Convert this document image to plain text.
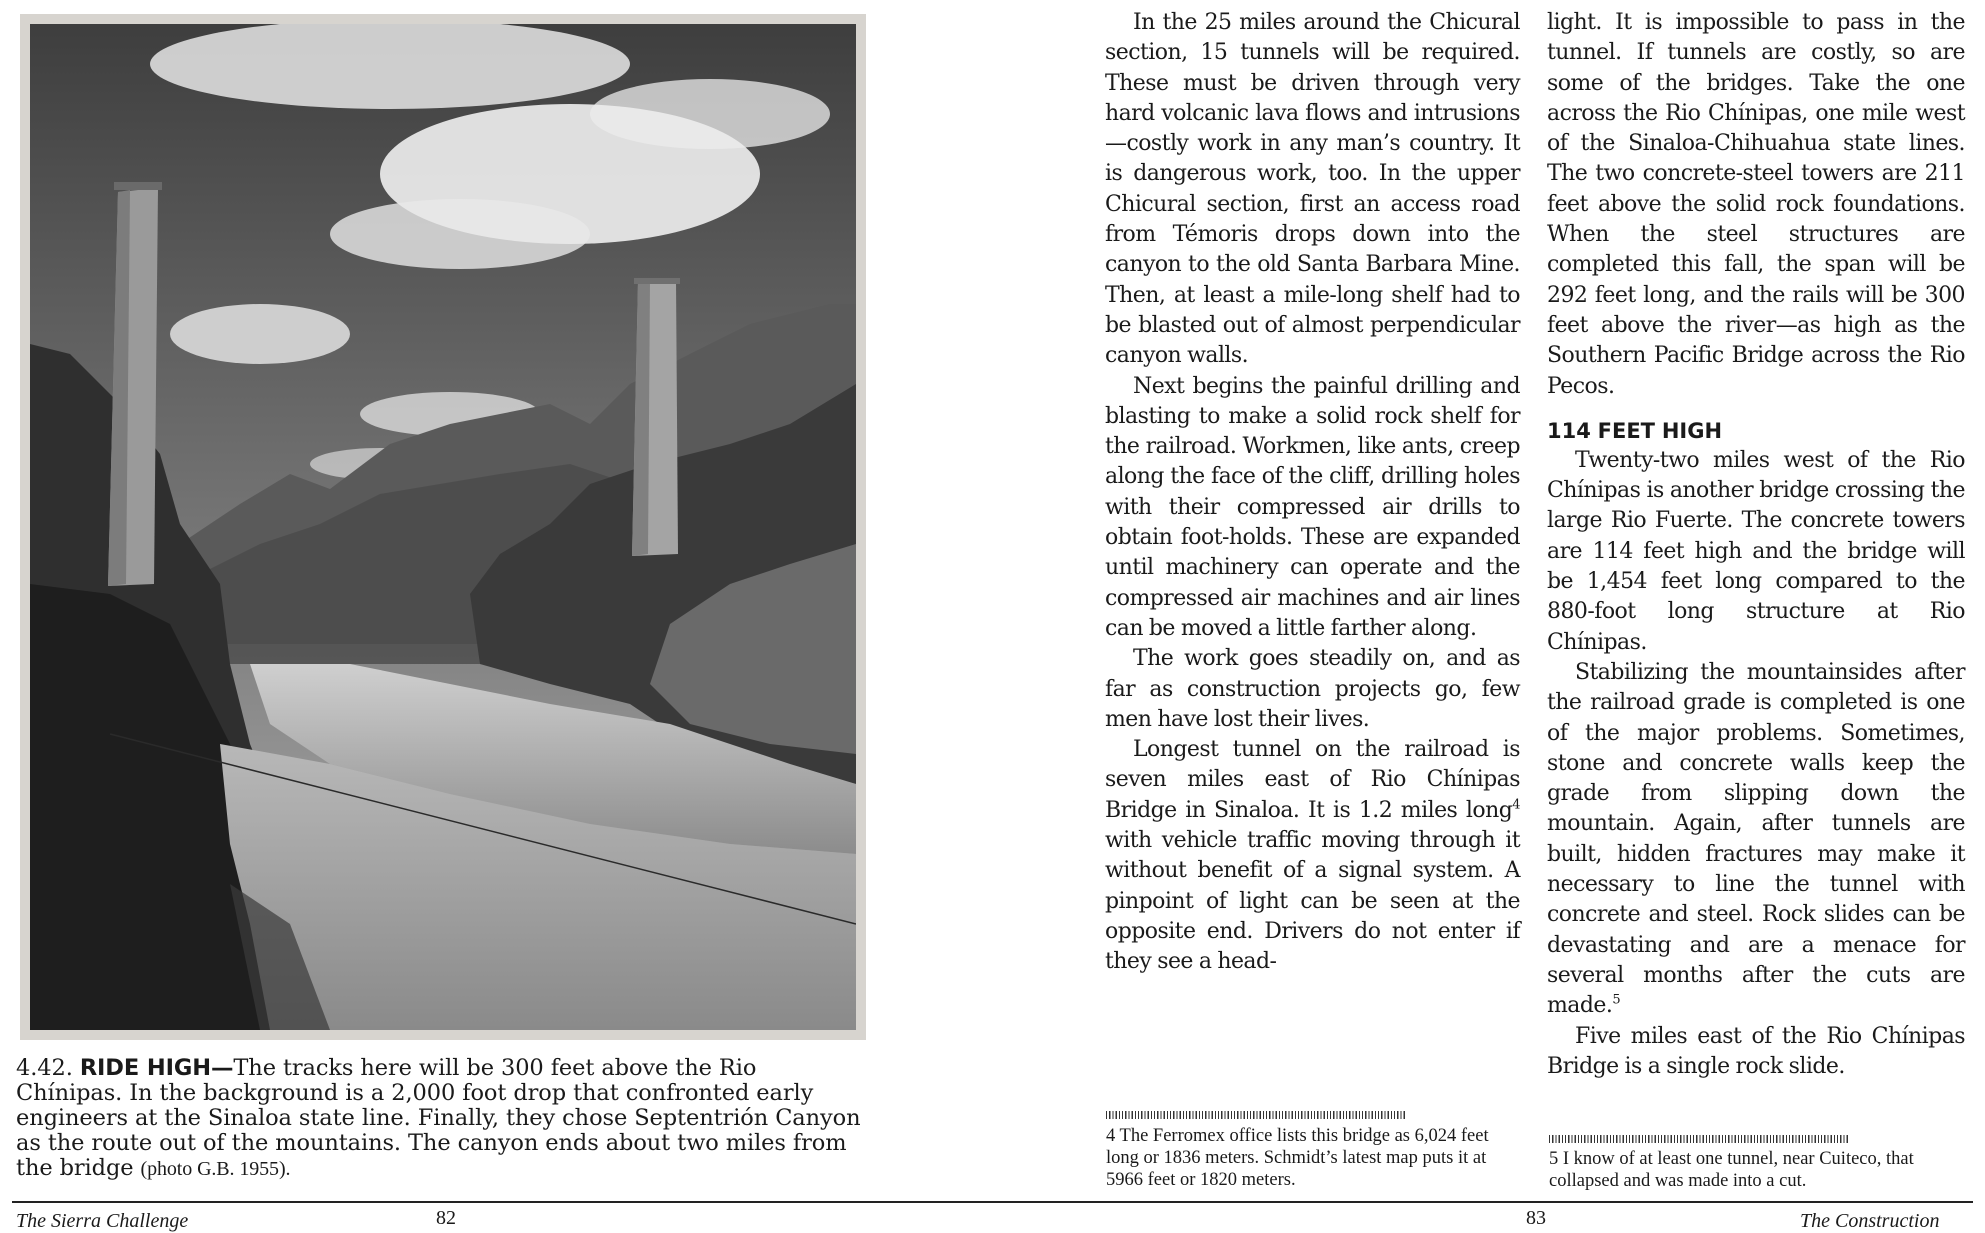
4.42. RIDE HIGH—The tracks here will be 300 feet above the Rio Chínipas. In the background is a 2,000 foot drop that confronted early engineers at the Sinaloa state line. Finally, they chose Septentrión Canyon as the route out of the mountains. The canyon ends about two miles from the bridge (photo G.B. 1955).
The Sierra Challenge	82

In the 25 miles around the Chicural section, 15 tunnels will be required. These must be driven through very hard volcanic lava flows and intrusions—costly work in any man’s country. It is dangerous work, too. In the upper Chicural section, first an access road from Témoris drops down into the canyon to the old Santa Barbara Mine. Then, at least a mile-long shelf had to be blasted out of almost perpendicular canyon walls.

Next begins the painful drilling and blasting to make a solid rock shelf for the railroad. Workmen, like ants, creep along the face of the cliff, drilling holes with their compressed air drills to obtain foot-holds. These are expanded until machinery can operate and the compressed air machines and air lines can be moved a little farther along.

The work goes steadily on, and as far as construction projects go, few men have lost their lives.

Longest tunnel on the railroad is seven miles east of Rio Chínipas Bridge in Sinaloa. It is 1.2 miles long$^4$ with vehicle traffic moving through it without benefit of a signal system. A pinpoint of light can be seen at the opposite end. Drivers do not enter if they see a head-

4 The Ferromex office lists this bridge as 6,024 feet long or 1836 meters. Schmidt’s latest map puts it at 5966 feet or 1820 meters.

light. It is impossible to pass in the tunnel. If tunnels are costly, so are some of the bridges. Take the one across the Rio Chínipas, one mile west of the Sinaloa-Chihuahua state lines. The two concrete-steel towers are 211 feet above the solid rock foundations. When the steel structures are completed this fall, the span will be 292 feet long, and the rails will be 300 feet above the river—as high as the Southern Pacific Bridge across the Rio Pecos.

114 FEET HIGH

Twenty-two miles west of the Rio Chínipas is another bridge crossing the large Rio Fuerte. The concrete towers are 114 feet high and the bridge will be 1,454 feet long compared to the 880-foot long structure at Rio Chínipas.

Stabilizing the mountainsides after the railroad grade is completed is one of the major problems. Sometimes, stone and concrete walls keep the grade from slipping down the mountain. Again, after tunnels are built, hidden fractures may make it necessary to line the tunnel with concrete and steel. Rock slides can be devastating and are a menace for several months after the cuts are made.$^5$

Five miles east of the Rio Chínipas Bridge is a single rock slide.

5 I know of at least one tunnel, near Cuiteco, that collapsed and was made into a cut.
83	The Construction
